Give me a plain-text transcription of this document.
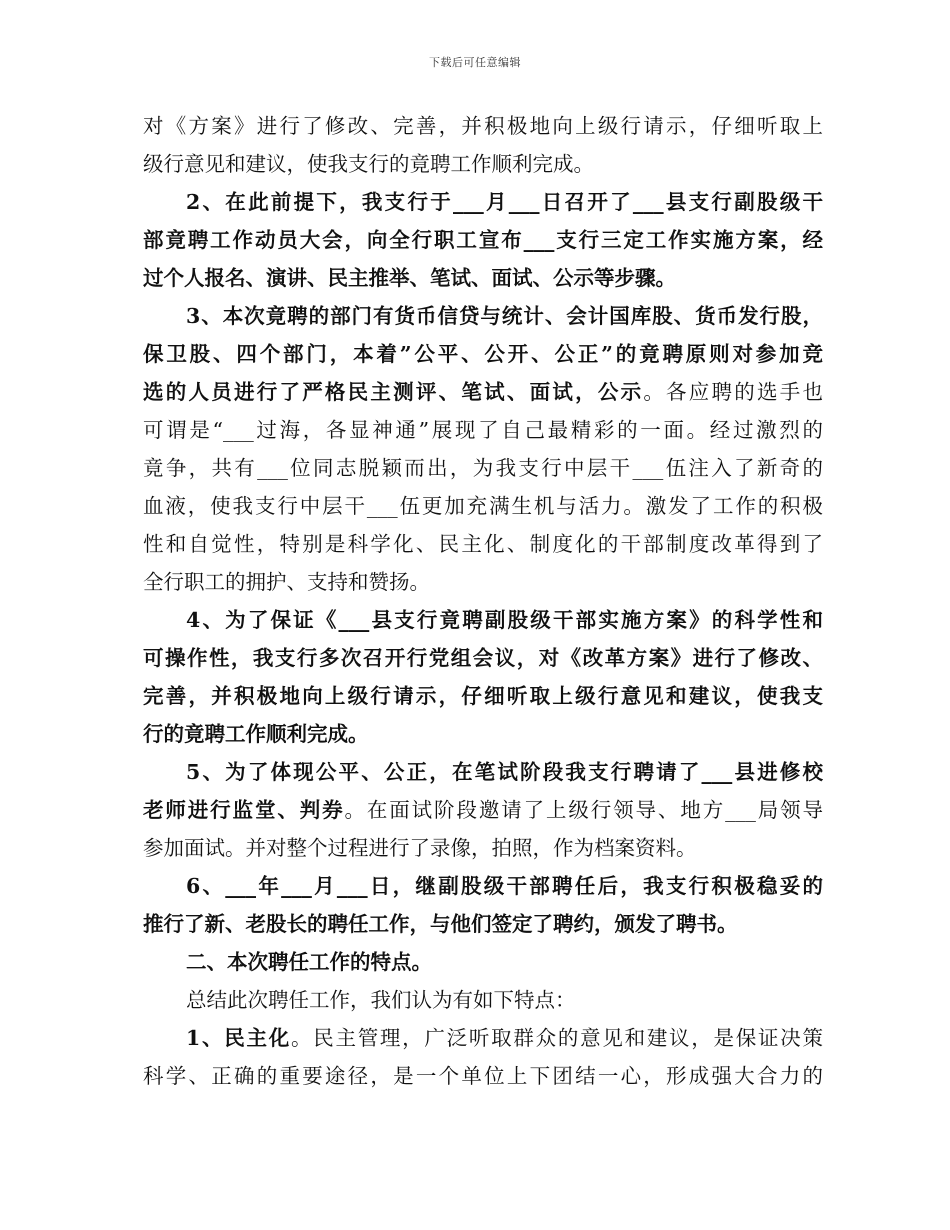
下载后可任意编辑
对《方案》进行了修改、完善，并积极地向上级行请示，仔细听取上
级行意见和建议，使我支行的竟聘工作顺利完成。
2、在此前提下，我支行于___月___日召开了___县支行副股级干
部竟聘工作动员大会，向全行职工宣布___支行三定工作实施方案，经
过个人报名、演讲、民主推举、笔试、面试、公示等步骤。
3、本次竟聘的部门有货币信贷与统计、会计国库股、货币发行股，
保卫股、四个部门，本着”公平、公开、公正”的竟聘原则对参加竞
选的人员进行了严格民主测评、笔试、面试，公示。各应聘的选手也
可谓是“___过海，各显神通”展现了自己最精彩的一面。经过激烈的
竟争，共有___位同志脱颖而出，为我支行中层干___伍注入了新奇的
血液，使我支行中层干___伍更加充满生机与活力。激发了工作的积极
性和自觉性，特别是科学化、民主化、制度化的干部制度改革得到了
全行职工的拥护、支持和赞扬。
4、为了保证《___县支行竟聘副股级干部实施方案》的科学性和
可操作性，我支行多次召开行党组会议，对《改革方案》进行了修改、
完善，并积极地向上级行请示，仔细听取上级行意见和建议，使我支
行的竟聘工作顺利完成。
5、为了体现公平、公正，在笔试阶段我支行聘请了___县进修校
老师进行监堂、判券。在面试阶段邀请了上级行领导、地方___局领导
参加面试。并对整个过程进行了录像，拍照，作为档案资料。
6、___年___月___日，继副股级干部聘任后，我支行积极稳妥的
推行了新、老股长的聘任工作，与他们签定了聘约，颁发了聘书。
二、本次聘任工作的特点。
总结此次聘任工作，我们认为有如下特点：
1、民主化。民主管理，广泛听取群众的意见和建议，是保证决策
科学、正确的重要途径，是一个单位上下团结一心，形成强大合力的
